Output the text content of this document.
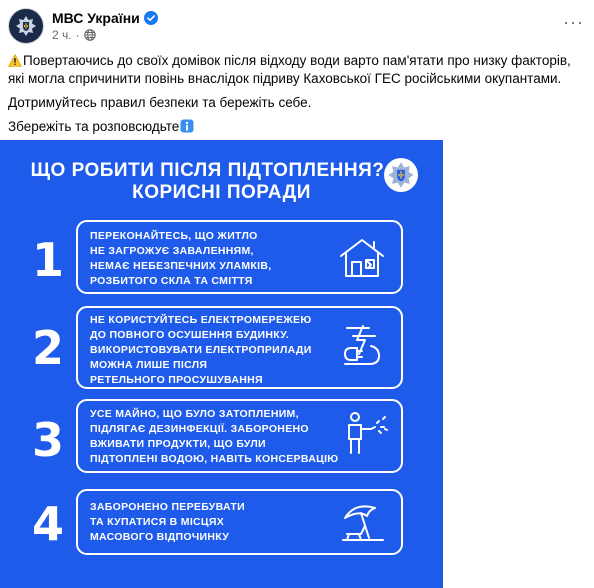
МВС України
2 ч. ·

Повертаючись до своїх домівок після відходу води варто пам'ятати про низку факторів, які могла спричинити повінь внаслідок підриву Каховської ГЕС російськими окупантами.

Дотримуйтесь правил безпеки та бережіть себе.

Збережіть та розповсюдьте

···
ЩО РОБИТИ ПІСЛЯ ПІДТОПЛЕННЯ?
КОРИСНІ ПОРАДИ
1 ПЕРЕКОНАЙТЕСЬ, ЩО ЖИТЛО
НЕ ЗАГРОЖУЄ ЗАВАЛЕННЯМ,
НЕМАЄ НЕБЕЗПЕЧНИХ УЛАМКІВ,
РОЗБИТОГО СКЛА ТА СМІТТЯ
2
НЕ КОРИСТУЙТЕСЬ ЕЛЕКТРОМЕРЕЖЕЮ
ДО ПОВНОГО ОСУШЕННЯ БУДИНКУ.
ВИКОРИСТОВУВАТИ ЕЛЕКТРОПРИЛАДИ
МОЖНА ЛИШЕ ПІСЛЯ
РЕТЕЛЬНОГО ПРОСУШУВАННЯ
3 УСЕ МАЙНО, ЩО БУЛО ЗАТОПЛЕНИМ,
ПІДЛЯГАЄ ДЕЗИНФЕКЦІЇ. ЗАБОРОНЕНО
ВЖИВАТИ ПРОДУКТИ, ЩО БУЛИ
ПІДТОПЛЕНІ ВОДОЮ, НАВІТЬ КОНСЕРВАЦІЮ
4 ЗАБОРОНЕНО ПЕРЕБУВАТИ
ТА КУПАТИСЯ В МІСЦЯХ
МАСОВОГО ВІДПОЧИНКУ
